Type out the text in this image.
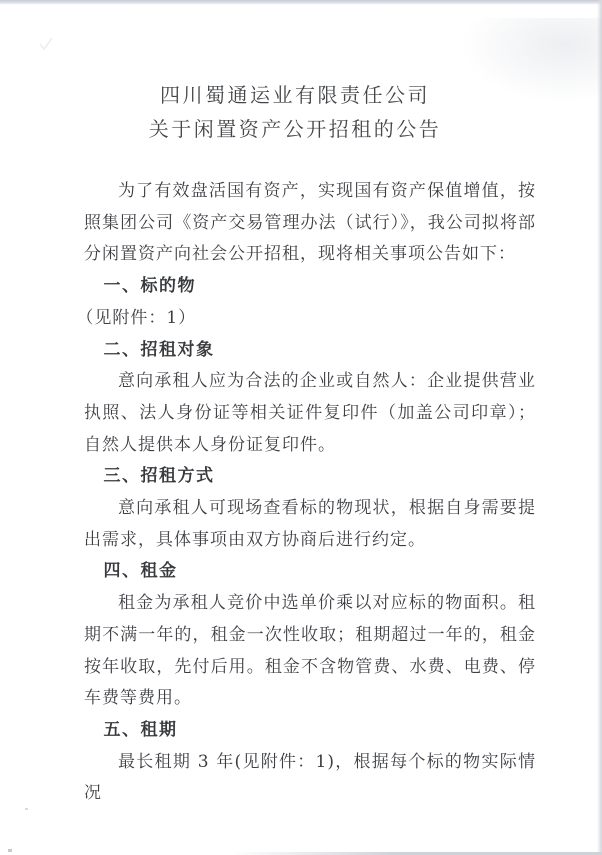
四川蜀通运业有限责任公司
关于闲置资产公开招租的公告

为了有效盘活国有资产，实现国有资产保值增值，按照集团公司《资产交易管理办法（试行）》，我公司拟将部分闲置资产向社会公开招租，现将相关事项公告如下：

一、标的物

（见附件：1）

二、招租对象

意向承租人应为合法的企业或自然人：企业提供营业执照、法人身份证等相关证件复印件（加盖公司印章）；自然人提供本人身份证复印件。

三、招租方式

意向承租人可现场查看标的物现状，根据自身需要提出需求，具体事项由双方协商后进行约定。

四、租金

租金为承租人竞价中选单价乘以对应标的物面积。租期不满一年的，租金一次性收取；租期超过一年的，租金按年收取，先付后用。租金不含物管费、水费、电费、停车费等费用。

五、租期

最长租期 3 年(见附件：1)，根据每个标的物实际情况
